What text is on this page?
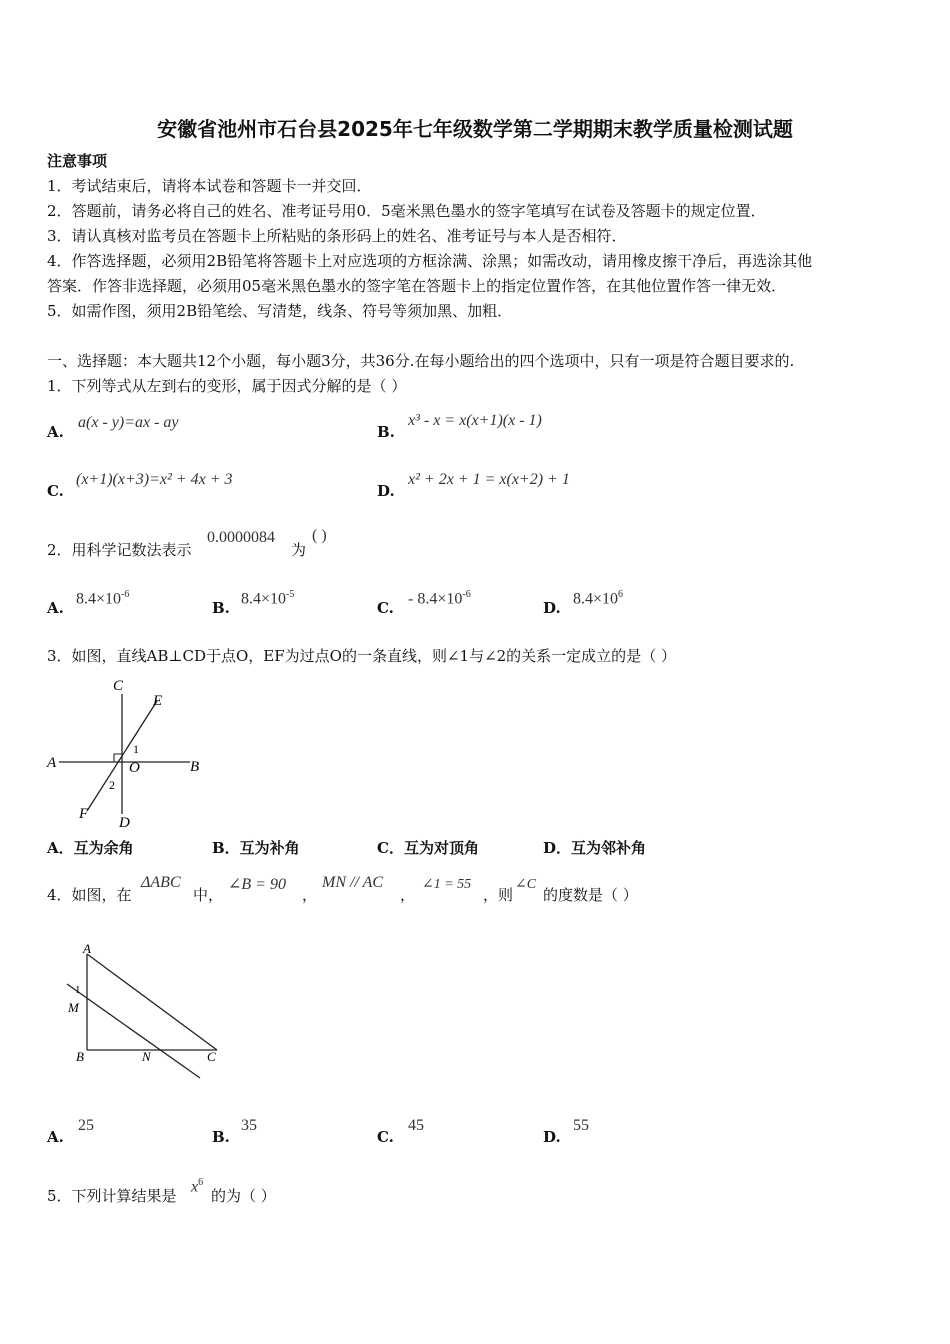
安徽省池州市石台县2025年七年级数学第二学期期末教学质量检测试题
注意事项
1．考试结束后，请将本试卷和答题卡一并交回．
2．答题前，请务必将自己的姓名、准考证号用0．5毫米黑色墨水的签字笔填写在试卷及答题卡的规定位置．
3．请认真核对监考员在答题卡上所粘贴的条形码上的姓名、准考证号与本人是否相符．
4．作答选择题，必须用2B铅笔将答题卡上对应选项的方框涂满、涂黑；如需改动，请用橡皮擦干净后，再选涂其他
答案．作答非选择题，必须用05毫米黑色墨水的签字笔在答题卡上的指定位置作答，在其他位置作答一律无效．
5．如需作图，须用2B铅笔绘、写清楚，线条、符号等须加黑、加粗．
一、选择题：本大题共12个小题，每小题3分，共36分.在每小题给出的四个选项中，只有一项是符合题目要求的.
1．下列等式从左到右的变形，属于因式分解的是（ ）
A.
a(x - y)=ax - ay
B.
x³ - x = x(x+1)(x - 1)
C.
(x+1)(x+3)=x² + 4x + 3
D.
x² + 2x + 1 = x(x+2) + 1
2．用科学记数法表示
0.0000084
为
( )
A.
$8.4\times 10^{-6}$
B.
$8.4\times 10^{-5}$
C.
- $8.4\times 10^{-6}$
D.
$8.4\times 10^6$
3．如图，直线AB⊥CD于点O，EF为过点O的一条直线，则∠1与∠2的关系一定成立的是（ ）
C
E
A	B
O
1
2
F
D
A．互为余角	B．互为补角	C．互为对顶角	D．互为邻补角
4．如图，在
ΔABC
中，
∠B = 90
，
MN // AC
，
∠1 = 55
，则
∠C
的度数是（ ）
A
1
M
B	N	C
A.
25
B.
35
C.
45
D.
55
5．下列计算结果是
$x^6$
的为（ ）
